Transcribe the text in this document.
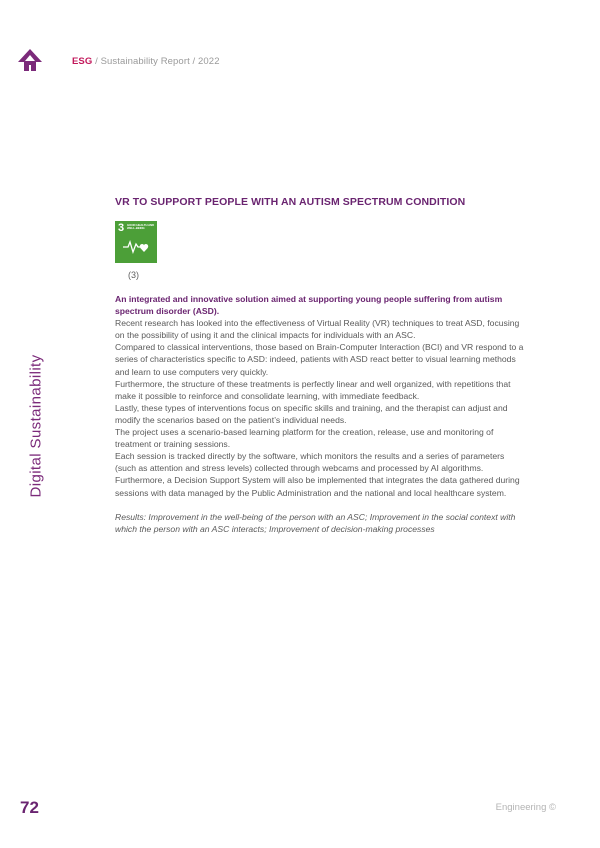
ESG / Sustainability Report / 2022
Digital Sustainability
VR TO SUPPORT PEOPLE WITH AN AUTISM SPECTRUM CONDITION
3 GOOD HEALTH AND WELL-BEING
(3)

An integrated and innovative solution aimed at supporting young people suffering from autism spectrum disorder (ASD).

Recent research has looked into the effectiveness of Virtual Reality (VR) techniques to treat ASD, focusing on the possibility of using it and the clinical impacts for individuals with an ASC.

Compared to classical interventions, those based on Brain-Computer Interaction (BCI) and VR respond to a series of characteristics specific to ASD: indeed, patients with ASD react better to visual learning methods and learn to use computers very quickly.

Furthermore, the structure of these treatments is perfectly linear and well organized, with repetitions that make it possible to reinforce and consolidate learning, with immediate feedback.

Lastly, these types of interventions focus on specific skills and training, and the therapist can adjust and modify the scenarios based on the patient’s individual needs.

The project uses a scenario-based learning platform for the creation, release, use and monitoring of treatment or training sessions.

Each session is tracked directly by the software, which monitors the results and a series of parameters (such as attention and stress levels) collected through webcams and processed by AI algorithms.

Furthermore, a Decision Support System will also be implemented that integrates the data gathered during sessions with data managed by the Public Administration and the national and local healthcare system.

Results: Improvement in the well-being of the person with an ASC; Improvement in the social context with which the person with an ASC interacts; Improvement of decision-making processes

72	Engineering ©
